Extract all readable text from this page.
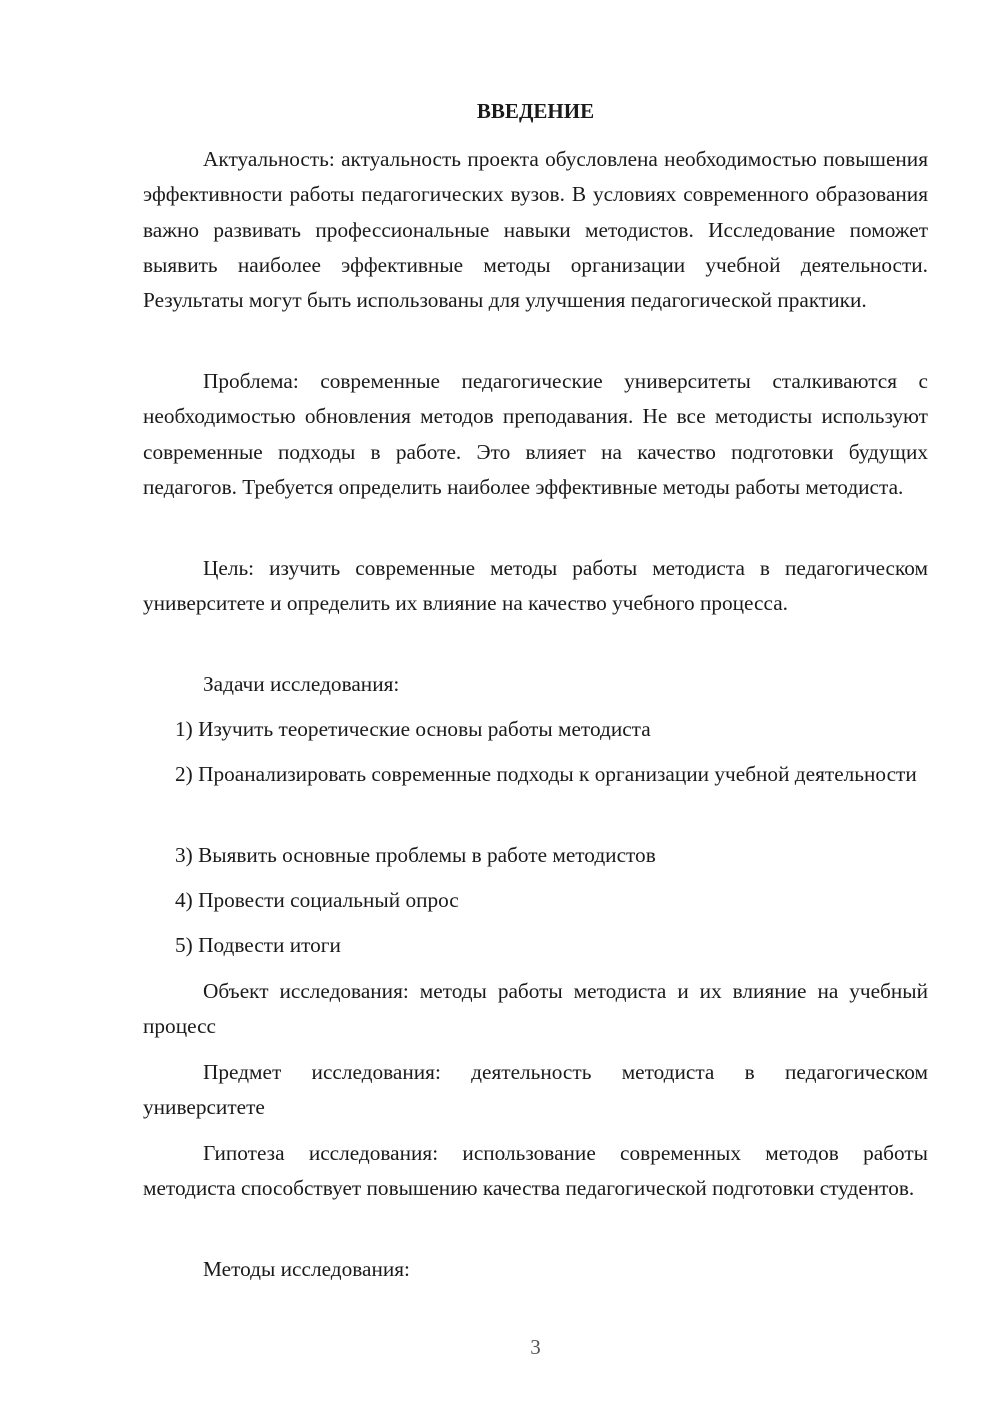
ВВЕДЕНИЕ

Актуальность: актуальность проекта обусловлена необходимостью повышения эффективности работы педагогических вузов. В условиях современного образования важно развивать профессиональные навыки методистов. Исследование поможет выявить наиболее эффективные методы организации учебной деятельности. Результаты могут быть использованы для улучшения педагогической практики.

Проблема: современные педагогические университеты сталкиваются с необходимостью обновления методов преподавания. Не все методисты используют современные подходы в работе. Это влияет на качество подготовки будущих педагогов. Требуется определить наиболее эффективные методы работы методиста.

Цель: изучить современные методы работы методиста в педагогическом университете и определить их влияние на качество учебного процесса.

Задачи исследования:

1) Изучить теоретические основы работы методиста

2) Проанализировать современные подходы к организации учебной деятельности

3) Выявить основные проблемы в работе методистов

4) Провести социальный опрос

5) Подвести итоги

Объект исследования: методы работы методиста и их влияние на учебный процесс

Предмет исследования: деятельность методиста в педагогическом университете

Гипотеза исследования: использование современных методов работы методиста способствует повышению качества педагогической подготовки студентов.

Методы исследования:

3
